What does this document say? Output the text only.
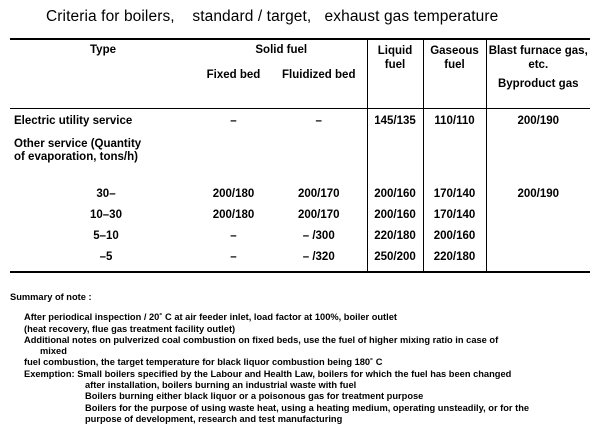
Criteria for boilers,    standard / target,   exhaust gas temperature
Type	Solid fuel		Liquid fuel	Gaseous fuel	Blast furnace gas, etc.
Byproduct gas

	Fixed bed	Fluidized bed			
Electric utility service	–	–	145/135	110/110	200/190
Other service (Quantity of evaporation, tons/h)					
30–	200/180	200/170	200/160	170/140	200/190
10–30	200/180	200/170	200/160	170/140	
5–10	–	– /300	220/180	200/160	
–5	–	– /320	250/200	220/180	
Summary of note :
After periodical inspection / 20˚ C at air feeder inlet, load factor at 100%, boiler outlet
(heat recovery, flue gas treatment facility outlet)
Additional notes on pulverized coal combustion on fixed beds, use the fuel of higher mixing ratio in case of
mixed
fuel combustion, the target temperature for black liquor combustion being 180˚ C
Exemption: Small boilers specified by the Labour and Health Law, boilers for which the fuel has been changed
after installation, boilers burning an industrial waste with fuel
Boilers burning either black liquor or a poisonous gas for treatment purpose
Boilers for the purpose of using waste heat, using a heating medium, operating unsteadily, or for the
purpose of development, research and test manufacturing
